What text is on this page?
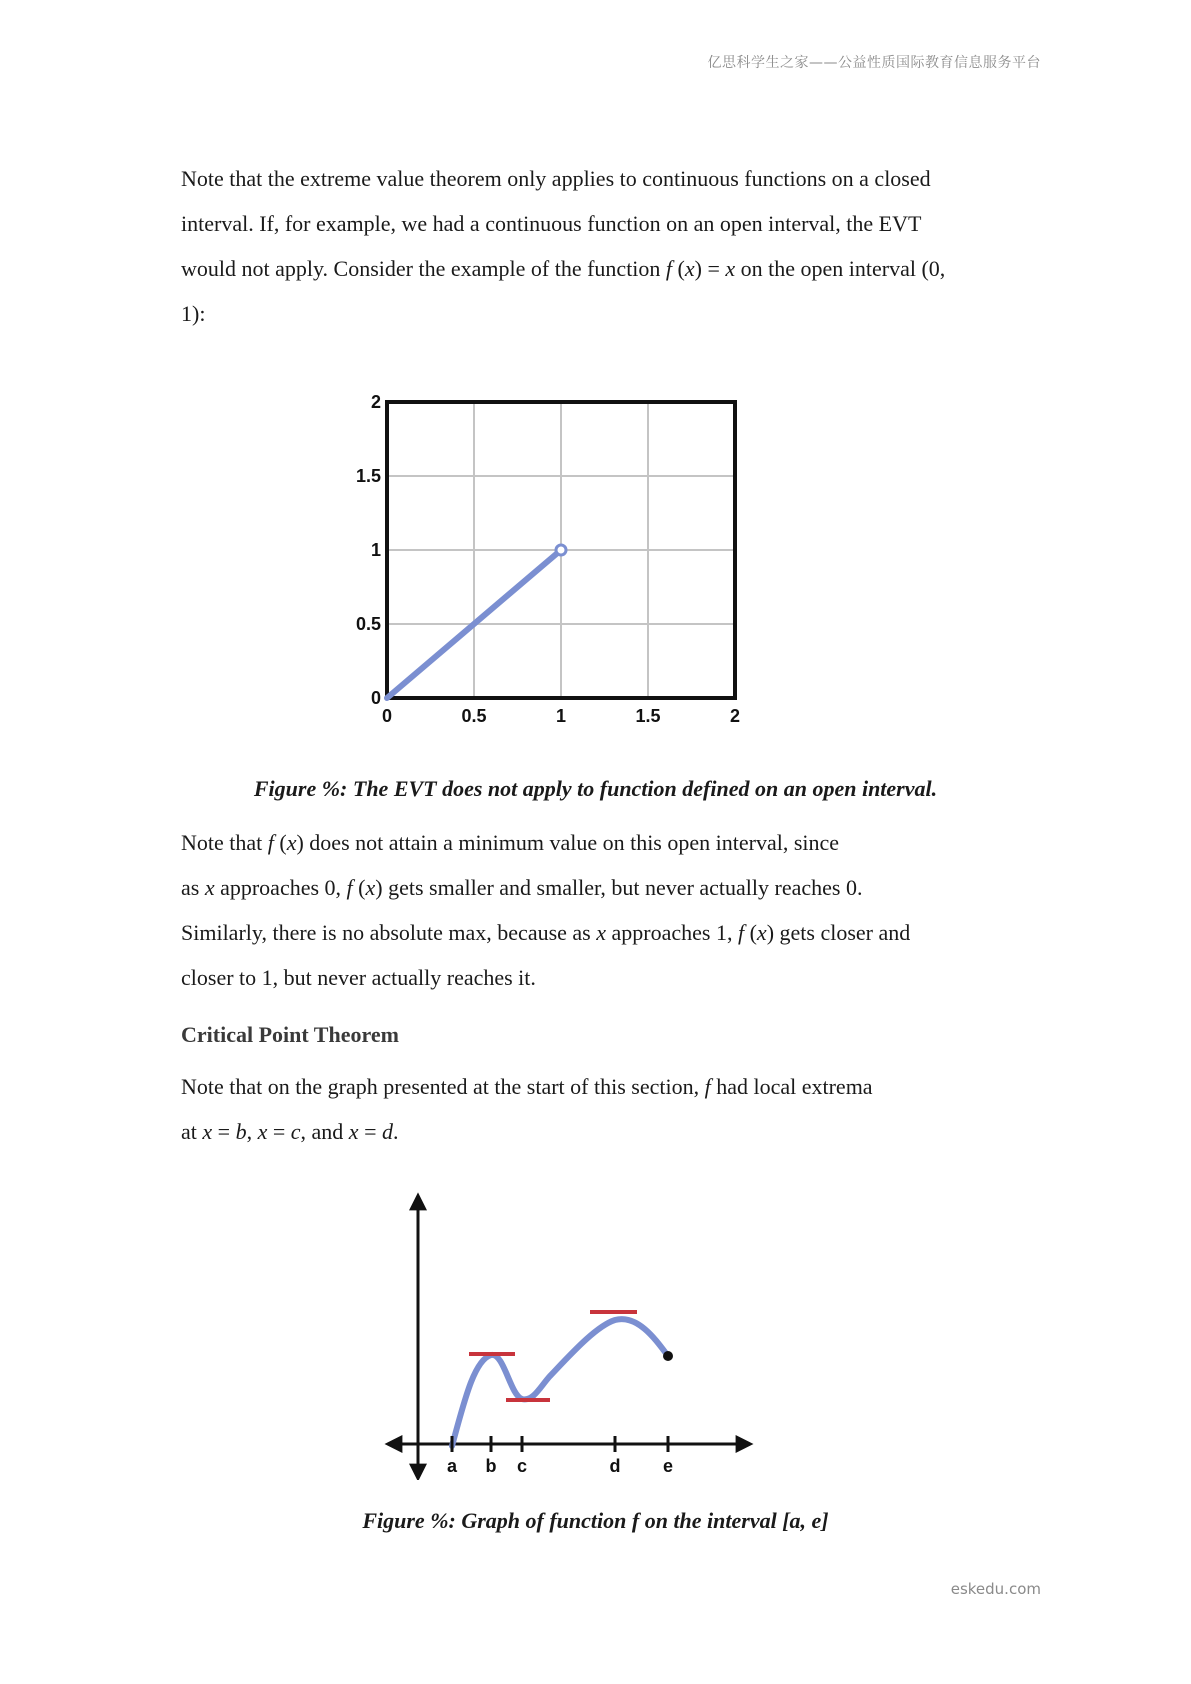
亿思科学生之家——公益性质国际教育信息服务平台

Note that the extreme value theorem only applies to continuous functions on a closed
interval. If, for example, we had a continuous function on an open interval, the EVT
would not apply. Consider the example of the function f (x) = x on the open interval (0,
1):

0	0.5	1	1.5	2
0
0.5
1
1.5
2

Figure %: The EVT does not apply to function defined on an open interval.

Note that f (x) does not attain a minimum value on this open interval, since
as x approaches 0, f (x) gets smaller and smaller, but never actually reaches 0.
Similarly, there is no absolute max, because as x approaches 1, f (x) gets closer and
closer to 1, but never actually reaches it.

Critical Point Theorem

Note that on the graph presented at the start of this section, f had local extrema
at x = b, x = c, and x = d.

a b c	d e

Figure %: Graph of function f on the interval [a, e]

eskedu.com
